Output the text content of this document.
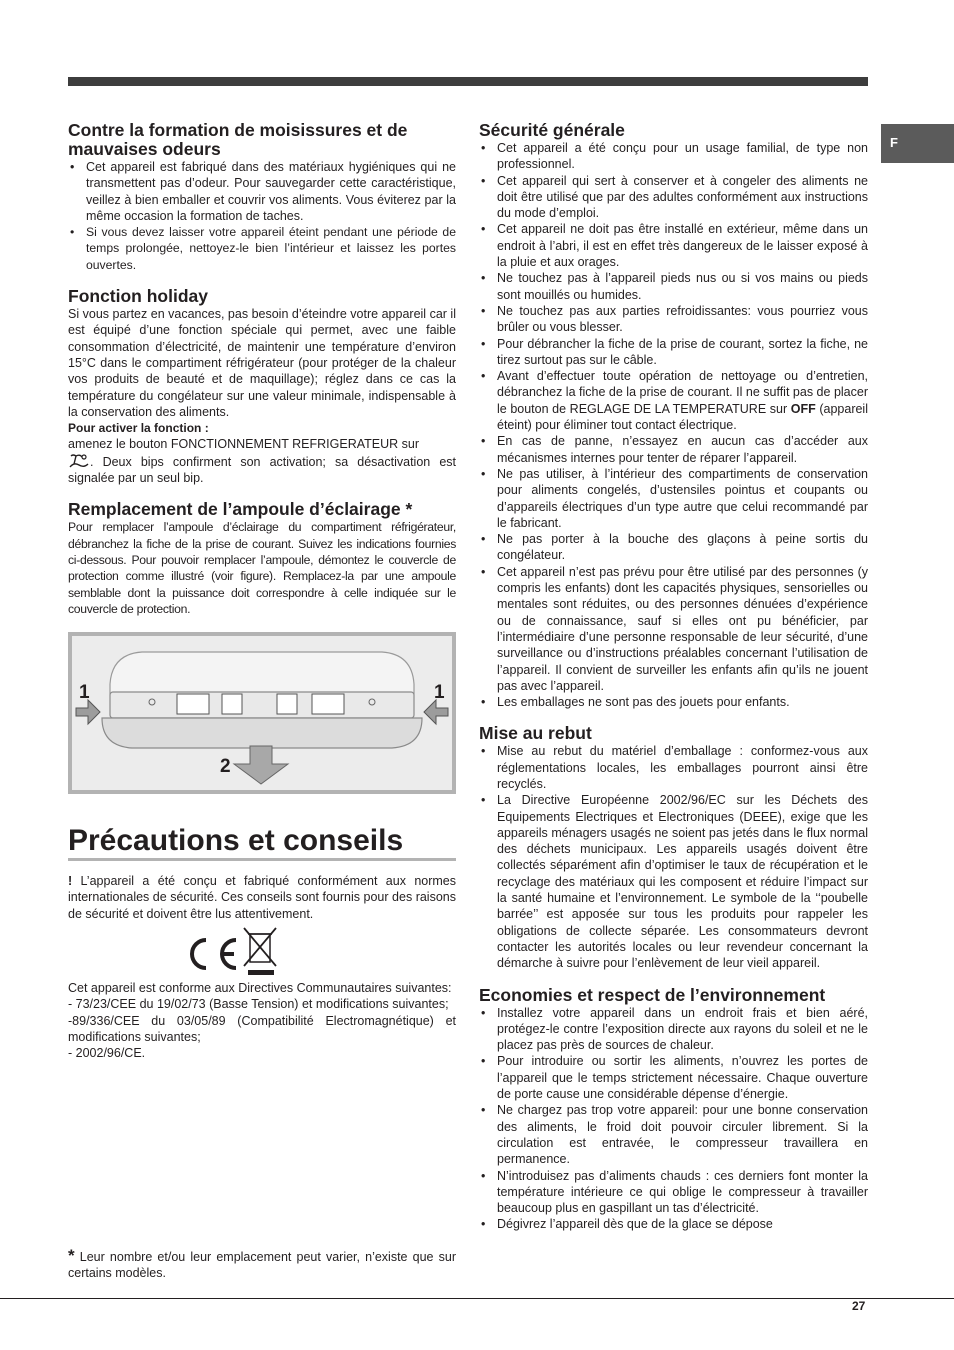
F
Contre la formation de moisissures et de mauvaises odeurs
• Cet appareil est fabriqué dans des matériaux hygiéniques qui ne transmettent pas d’odeur. Pour sauvegarder cette caractéristique, veillez à bien emballer et couvrir vos aliments. Vous éviterez par la même occasion la formation de taches.
• Si vous devez laisser votre appareil éteint pendant une période de temps prolongée, nettoyez-le bien l’intérieur et laissez les portes ouvertes.
Fonction holiday

Si vous partez en vacances, pas besoin d’éteindre votre appareil car il est équipé d’une fonction spéciale qui permet, avec une faible consommation d’électricité, de maintenir une température d’environ 15°C dans le compartiment réfrigérateur (pour protéger de la chaleur vos produits de beauté et de maquillage); réglez dans ce cas la température du congélateur sur une valeur minimale, indispensable à la conservation des aliments.

Pour activer la fonction :

amenez le bouton FONCTIONNEMENT REFRIGERATEUR sur
. Deux bips confirment son activation; sa désactivation est signalée par un seul bip.

Remplacement de l’ampoule d’éclairage *

Pour remplacer l’ampoule d’éclairage du compartiment réfrigérateur, débranchez la fiche de la prise de courant. Suivez les indications fournies ci-dessous. Pour pouvoir remplacer l’ampoule, démontez le couvercle de protection comme illustré (voir figure). Remplacez-la par une ampoule semblable dont la puissance doit correspondre à celle indiquée sur le couvercle de protection.

1	1
2
Précautions et conseils

! L’appareil a été conçu et fabriqué conformément aux normes internationales de sécurité. Ces conseils sont fournis pour des raisons de sécurité et doivent être lus attentivement.

Cet appareil est conforme aux Directives Communautaires suivantes:

- 73/23/CEE du 19/02/73 (Basse Tension) et modifications suivantes;

-89/336/CEE du 03/05/89 (Compatibilité Electromagnétique) et modifications suivantes;

- 2002/96/CE.

* Leur nombre et/ou leur emplacement peut varier, n’existe que sur certains modèles.

Sécurité générale
• Cet appareil a été conçu pour un usage familial, de type non professionnel.
• Cet appareil qui sert à conserver et à congeler des aliments ne doit être utilisé que par des adultes conformément aux instructions du mode d’emploi.
• Cet appareil ne doit pas être installé en extérieur, même dans un endroit à l’abri, il est en effet très dangereux de le laisser exposé à la pluie et aux orages.
• Ne touchez pas à l’appareil pieds nus ou si vos mains ou pieds sont mouillés ou humides.
• Ne touchez pas aux parties refroidissantes: vous pourriez vous brûler ou vous blesser.
• Pour débrancher la fiche de la prise de courant, sortez la fiche, ne tirez surtout pas sur le câble.
• Avant d’effectuer toute opération de nettoyage ou d’entretien, débranchez la fiche de la prise de courant. Il ne suffit pas de placer le bouton de REGLAGE DE LA TEMPERATURE sur OFF (appareil éteint) pour éliminer tout contact électrique.
• En cas de panne, n’essayez en aucun cas d’accéder aux mécanismes internes pour tenter de réparer l’appareil.
• Ne pas utiliser, à l’intérieur des compartiments de conservation pour aliments congelés, d’ustensiles pointus et coupants ou d’appareils électriques d’un type autre que celui recommandé par le fabricant.
• Ne pas porter à la bouche des glaçons à peine sortis du congélateur.
• Cet appareil n’est pas prévu pour être utilisé par des personnes (y compris les enfants) dont les capacités physiques, sensorielles ou mentales sont réduites, ou des personnes dénuées d’expérience ou de connaissance, sauf si elles ont pu bénéficier, par l’intermédiaire d’une personne responsable de leur sécurité, d’une surveillance ou d’instructions préalables concernant l’utilisation de l’appareil. Il convient de surveiller les enfants afin qu’ils ne jouent pas avec l’appareil.
• Les emballages ne sont pas des jouets pour enfants.
Mise au rebut
• Mise au rebut du matériel d’emballage : conformez-vous aux réglementations locales, les emballages pourront ainsi être recyclés.
• La Directive Européenne 2002/96/EC sur les Déchets des Equipements Electriques et Electroniques (DEEE), exige que les appareils ménagers usagés ne soient pas jetés dans le flux normal des déchets municipaux. Les appareils usagés doivent être collectés séparément afin d’optimiser le taux de récupération et le recyclage des matériaux qui les composent et réduire l’impact sur la santé humaine et l’environnement. Le symbole de la ‘‘poubelle barrée’’ est apposée sur tous les produits pour rappeler les obligations de collecte séparée. Les consommateurs devront contacter les autorités locales ou leur revendeur concernant la démarche à suivre pour l’enlèvement de leur vieil appareil.
Economies et respect de l’environnement
• Installez votre appareil dans un endroit frais et bien aéré, protégez-le contre l’exposition directe aux rayons du soleil et ne le placez pas près de sources de chaleur.
• Pour introduire ou sortir les aliments, n’ouvrez les portes de l’appareil que le temps strictement nécessaire. Chaque ouverture de porte cause une considérable dépense d’énergie.
• Ne chargez pas trop votre appareil: pour une bonne conservation des aliments, le froid doit pouvoir circuler librement. Si la circulation est entravée, le compresseur travaillera en permanence.
• N’introduisez pas d’aliments chauds : ces derniers font monter la température intérieure ce qui oblige le compresseur à travailler beaucoup plus en gaspillant un tas d’électricité.
• Dégivrez l’appareil dès que de la glace se dépose
27
